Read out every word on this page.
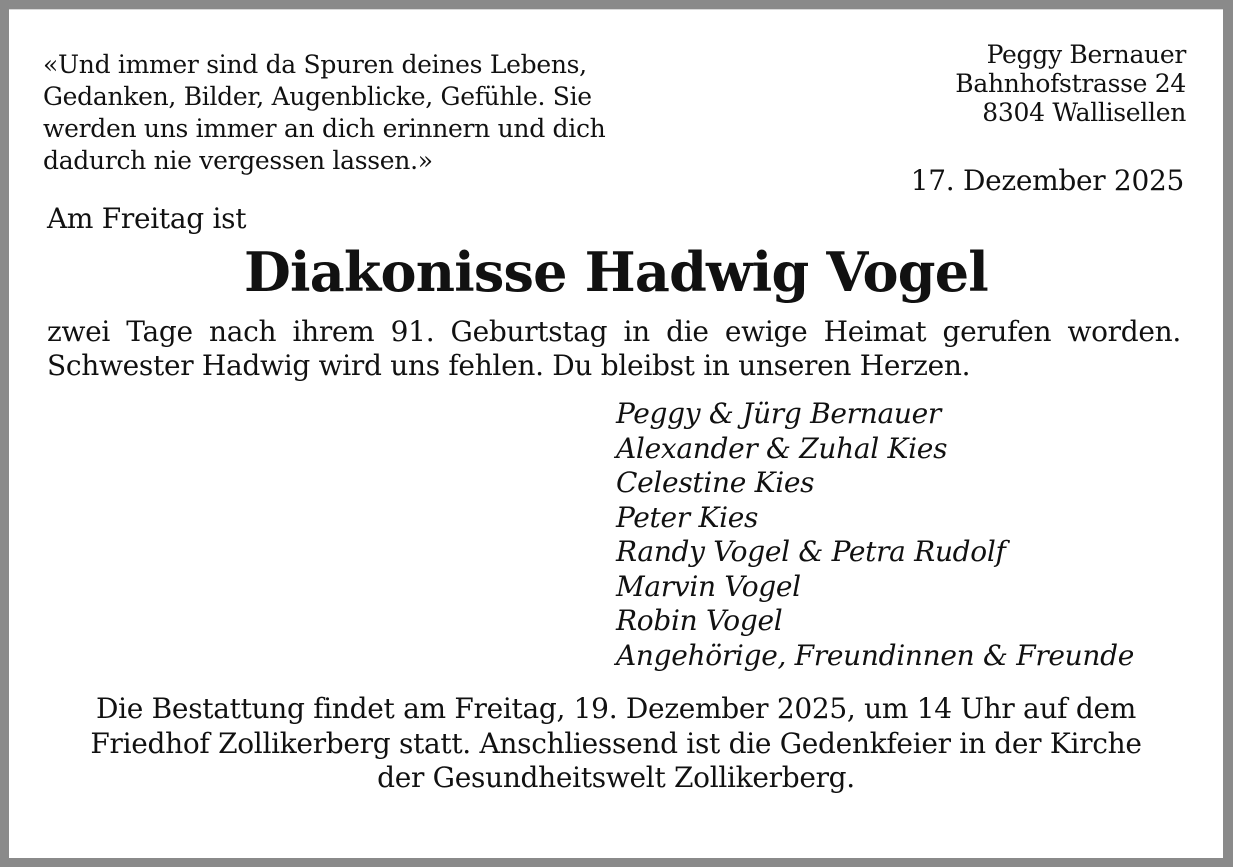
«Und immer sind da Spuren deines Lebens,
Gedanken, Bilder, Augenblicke, Gefühle. Sie
werden uns immer an dich erinnern und dich
dadurch nie vergessen lassen.»
Peggy Bernauer
Bahnhofstrasse 24
8304 Wallisellen
17. Dezember 2025
Am Freitag ist
Diakonisse Hadwig Vogel
zwei Tage nach ihrem 91. Geburtstag in die ewige Heimat gerufen worden.
Schwester Hadwig wird uns fehlen. Du bleibst in unseren Herzen.
Peggy & Jürg Bernauer
Alexander & Zuhal Kies
Celestine Kies
Peter Kies
Randy Vogel & Petra Rudolf
Marvin Vogel
Robin Vogel
Angehörige, Freundinnen & Freunde
Die Bestattung findet am Freitag, 19. Dezember 2025, um 14 Uhr auf dem
Friedhof Zollikerberg statt. Anschliessend ist die Gedenkfeier in der Kirche
der Gesundheitswelt Zollikerberg.
